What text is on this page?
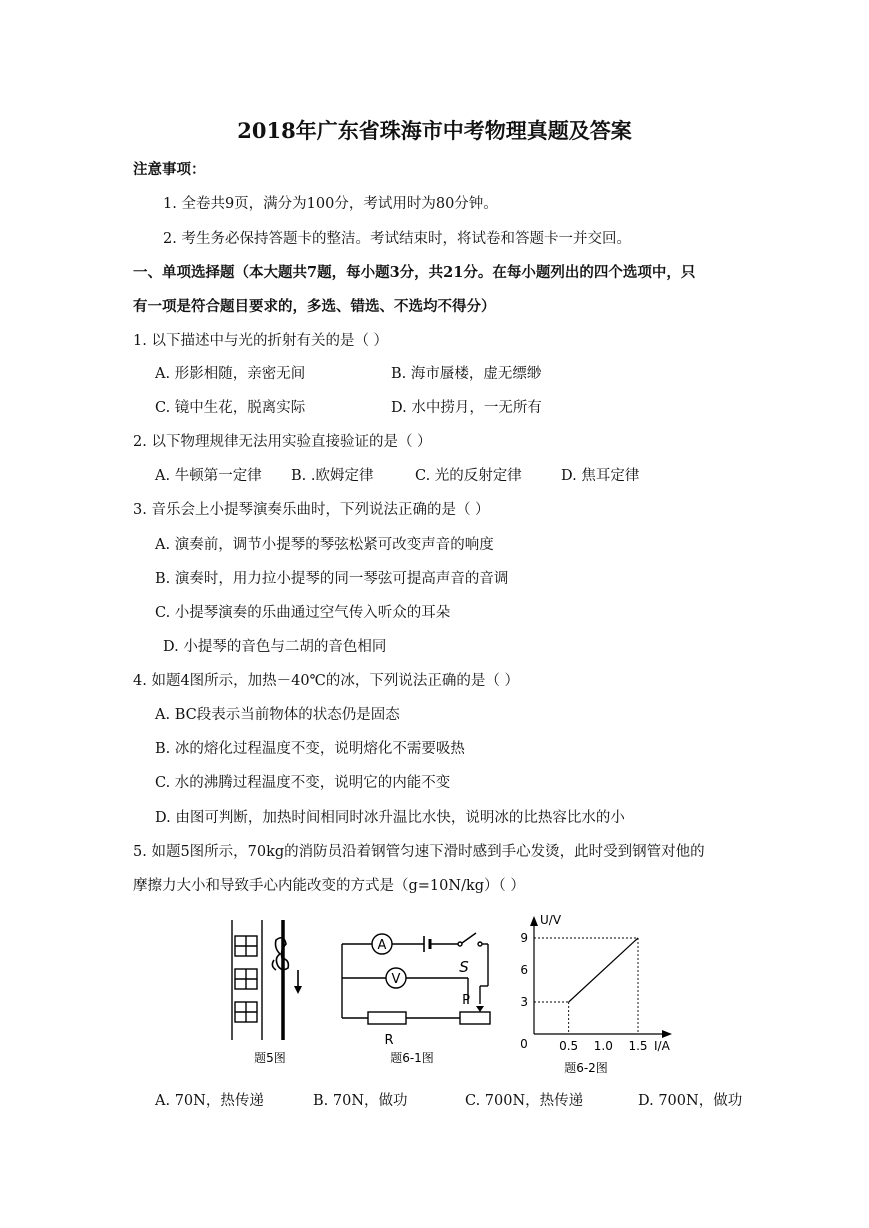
2018年广东省珠海市中考物理真题及答案
注意事项：
1. 全卷共9页，满分为100分，考试用时为80分钟。
2. 考生务必保持答题卡的整洁。考试结束时，将试卷和答题卡一并交回。
一、单项选择题（本大题共7题，每小题3分，共21分。在每小题列出的四个选项中，只
有一项是符合题目要求的，多选、错选、不选均不得分）
1. 以下描述中与光的折射有关的是（ ）
A. 形影相随，亲密无间	B. 海市蜃楼，虚无缥缈
C. 镜中生花，脱离实际	D. 水中捞月，一无所有
2. 以下物理规律无法用实验直接验证的是（ ）
A. 牛顿第一定律 B. .欧姆定律	C. 光的反射定律	D. 焦耳定律
3. 音乐会上小提琴演奏乐曲时，下列说法正确的是（ ）
A. 演奏前，调节小提琴的琴弦松紧可改变声音的响度
B. 演奏时，用力拉小提琴的同一琴弦可提高声音的音调
C. 小提琴演奏的乐曲通过空气传入听众的耳朵
D. 小提琴的音色与二胡的音色相同
4. 如题4图所示，加热－40℃的冰，下列说法正确的是（ ）
A. BC段表示当前物体的状态仍是固态
B. 冰的熔化过程温度不变，说明熔化不需要吸热
C. 水的沸腾过程温度不变，说明它的内能不变
D. 由图可判断，加热时间相同时冰升温比水快，说明冰的比热容比水的小
5. 如题5图所示，70kg的消防员沿着钢管匀速下滑时感到手心发烫，此时受到钢管对他的
摩擦力大小和导致手心内能改变的方式是（g=10N/kg）（ ）
题5图
A
V
S
P
R
题6-1图
3
6
9
0.5 1.0 1.5
U/V
I/A
0
题6-2图
A. 70N，热传递	B. 70N，做功	C. 700N，热传递	D. 700N，做功
